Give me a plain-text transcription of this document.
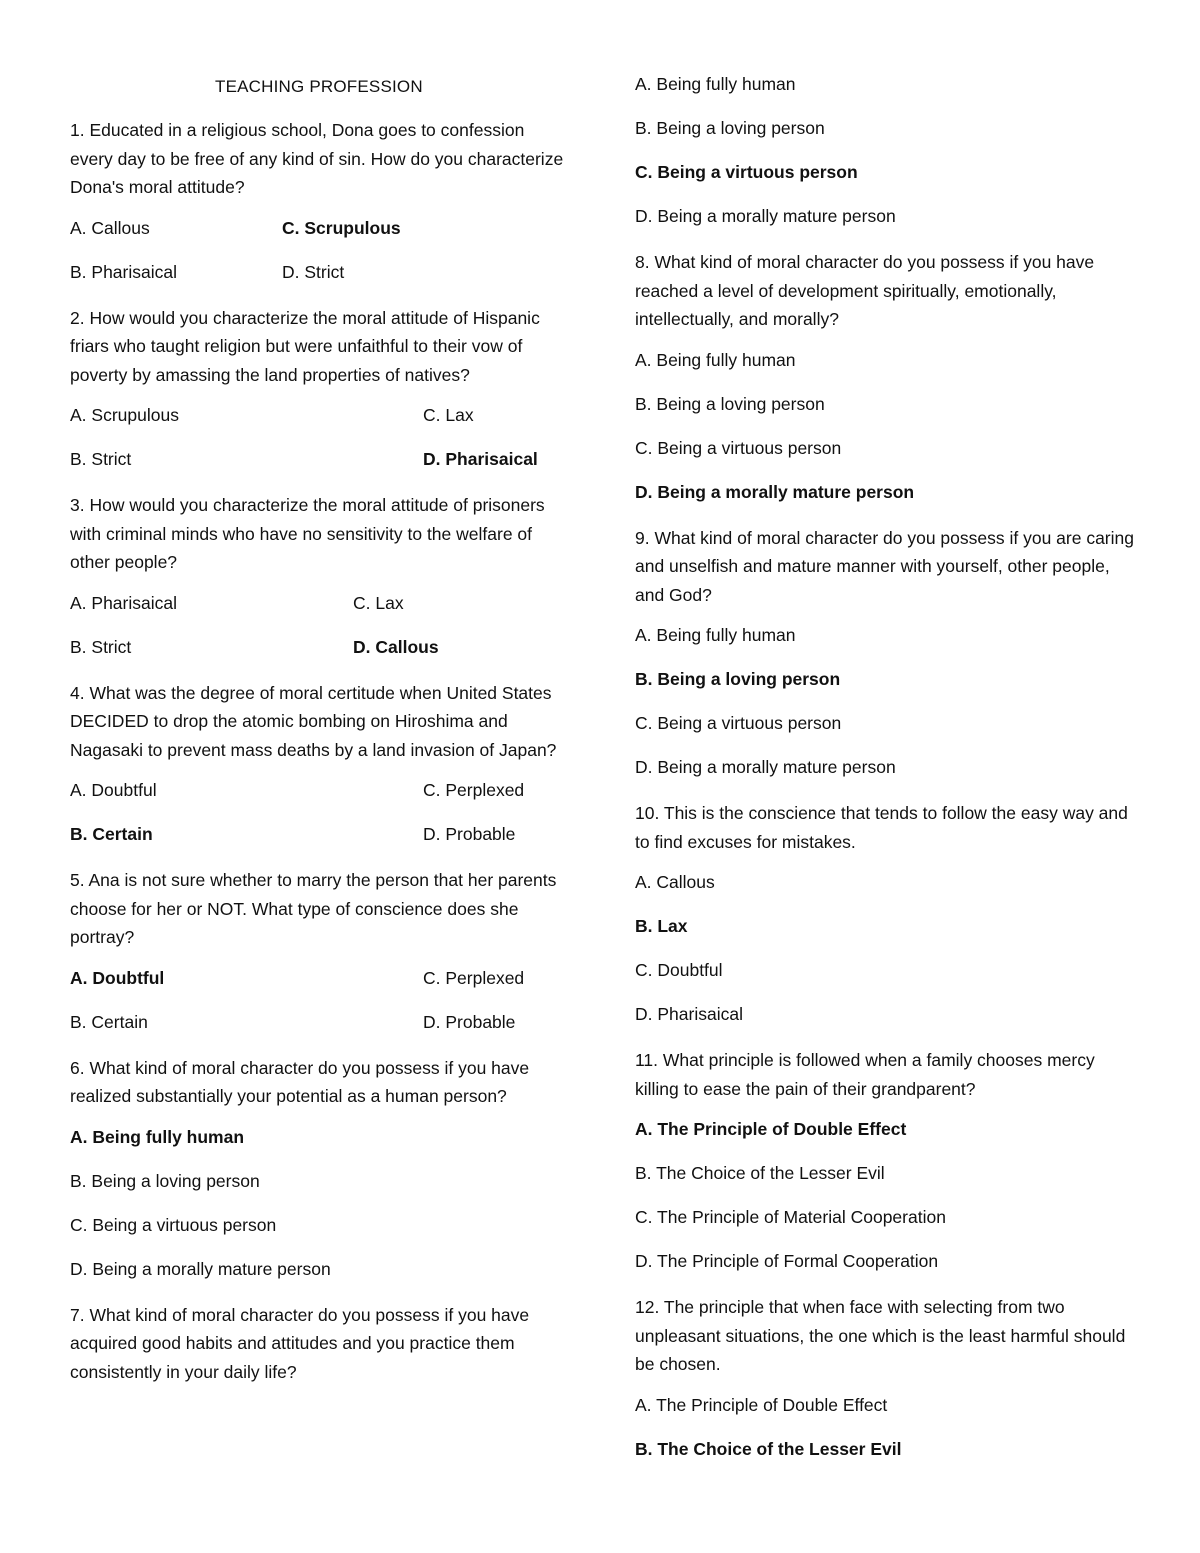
TEACHING PROFESSION
1. Educated in a religious school, Dona goes to confession every day to be free of any kind of sin. How do you characterize Dona's moral attitude?
A. Callous	C. Scrupulous
B. Pharisaical	D. Strict
2. How would you characterize the moral attitude of Hispanic friars who taught religion but were unfaithful to their vow of poverty by amassing the land properties of natives?
A. Scrupulous	C. Lax
B. Strict	D. Pharisaical
3. How would you characterize the moral attitude of prisoners with criminal minds who have no sensitivity to the welfare of other people?
A. Pharisaical	C. Lax
B. Strict	D. Callous
4. What was the degree of moral certitude when United States DECIDED to drop the atomic bombing on Hiroshima and Nagasaki to prevent mass deaths by a land invasion of Japan?
A. Doubtful	C. Perplexed
B. Certain	D. Probable
5. Ana is not sure whether to marry the person that her parents choose for her or NOT. What type of conscience does she portray?
A. Doubtful	C. Perplexed
B. Certain	D. Probable
6. What kind of moral character do you possess if you have realized substantially your potential as a human person?
A. Being fully human
B. Being a loving person
C. Being a virtuous person
D. Being a morally mature person
7. What kind of moral character do you possess if you have acquired good habits and attitudes and you practice them consistently in your daily life?
A. Being fully human
B. Being a loving person
C. Being a virtuous person
D. Being a morally mature person
8. What kind of moral character do you possess if you have reached a level of development spiritually, emotionally, intellectually, and morally?
A. Being fully human
B. Being a loving person
C. Being a virtuous person
D. Being a morally mature person
9. What kind of moral character do you possess if you are caring and unselfish and mature manner with yourself, other people, and God?
A. Being fully human
B. Being a loving person
C. Being a virtuous person
D. Being a morally mature person
10. This is the conscience that tends to follow the easy way and to find excuses for mistakes.
A. Callous
B. Lax
C. Doubtful
D. Pharisaical
11. What principle is followed when a family chooses mercy killing to ease the pain of their grandparent?
A. The Principle of Double Effect
B. The Choice of the Lesser Evil
C. The Principle of Material Cooperation
D. The Principle of Formal Cooperation
12. The principle that when face with selecting from two unpleasant situations, the one which is the least harmful should be chosen.
A. The Principle of Double Effect
B. The Choice of the Lesser Evil
